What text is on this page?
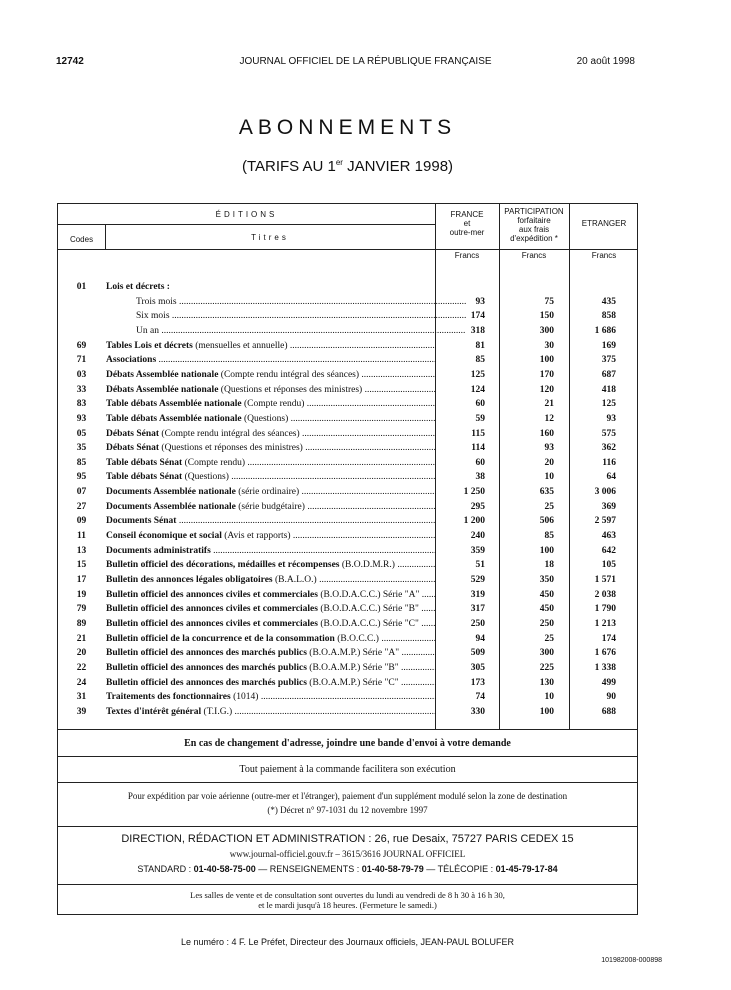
12742	JOURNAL OFFICIEL DE LA RÉPUBLIQUE FRANÇAISE	20 août 1998
ABONNEMENTS
(TARIFS AU 1er JANVIER 1998)
ÉDITIONS
Codes	Titres
FRANCE
et
outre-mer
PARTICIPATION
forfaitaire
aux frais
d'expédition *
ETRANGER
Francs	Francs	Francs
01	Lois et décrets :
Trois mois .....	93	75	435
Six mois .....	174	150	858
Un an .....	318	300	1 686
69	Tables Lois et décrets (mensuelles et annuelle) .....	81	30	169
71	Associations .....	85	100	375
03	Débats Assemblée nationale (Compte rendu intégral des séances) .....	125	170	687
33	Débats Assemblée nationale (Questions et réponses des ministres) .....	124	120	418
83	Table débats Assemblée nationale (Compte rendu) .....	60	21	125
93	Table débats Assemblée nationale (Questions) .....	59	12	93
05	Débats Sénat (Compte rendu intégral des séances) .....	115	160	575
35	Débats Sénat (Questions et réponses des ministres) .....	114	93	362
85	Table débats Sénat (Compte rendu) .....	60	20	116
95	Table débats Sénat (Questions) .....	38	10	64
07	Documents Assemblée nationale (série ordinaire) .....	1 250	635	3 006
27	Documents Assemblée nationale (série budgétaire) .....	295	25	369
09	Documents Sénat .....	1 200	506	2 597
11	Conseil économique et social (Avis et rapports) .....	240	85	463
13	Documents administratifs .....	359	100	642
15	Bulletin officiel des décorations, médailles et récompenses (B.O.D.M.R.) .....	51	18	105
17	Bulletin des annonces légales obligatoires (B.A.L.O.) .....	529	350	1 571
19	Bulletin officiel des annonces civiles et commerciales (B.O.D.A.C.C.) Série "A" .....	319	450	2 038
79	Bulletin officiel des annonces civiles et commerciales (B.O.D.A.C.C.) Série "B" .....	317	450	1 790
89	Bulletin officiel des annonces civiles et commerciales (B.O.D.A.C.C.) Série "C" .....	250	250	1 213
21	Bulletin officiel de la concurrence et de la consommation (B.O.C.C.) .....	94	25	174
20	Bulletin officiel des annonces des marchés publics (B.O.A.M.P.) Série "A" .....	509	300	1 676
22	Bulletin officiel des annonces des marchés publics (B.O.A.M.P.) Série "B" .....	305	225	1 338
24	Bulletin officiel des annonces des marchés publics (B.O.A.M.P.) Série "C" .....	173	130	499
31	Traitements des fonctionnaires (1014) .....	74	10	90
39	Textes d'intérêt général (T.I.G.) .....	330	100	688
En cas de changement d'adresse, joindre une bande d'envoi à votre demande
Tout paiement à la commande facilitera son exécution
Pour expédition par voie aérienne (outre-mer et l'étranger), paiement d'un supplément modulé selon la zone de destination
(*) Décret n° 97-1031 du 12 novembre 1997
DIRECTION, RÉDACTION ET ADMINISTRATION : 26, rue Desaix, 75727 PARIS CEDEX 15
www.journal-officiel.gouv.fr – 3615/3616 JOURNAL OFFICIEL
STANDARD : 01-40-58-75-00 — RENSEIGNEMENTS : 01-40-58-79-79 — TÉLÉCOPIE : 01-45-79-17-84
Les salles de vente et de consultation sont ouvertes du lundi au vendredi de 8 h 30 à 16 h 30,
et le mardi jusqu'à 18 heures. (Fermeture le samedi.)
Le numéro : 4 F. Le Préfet, Directeur des Journaux officiels, JEAN-PAUL BOLUFER
101982008-000898
